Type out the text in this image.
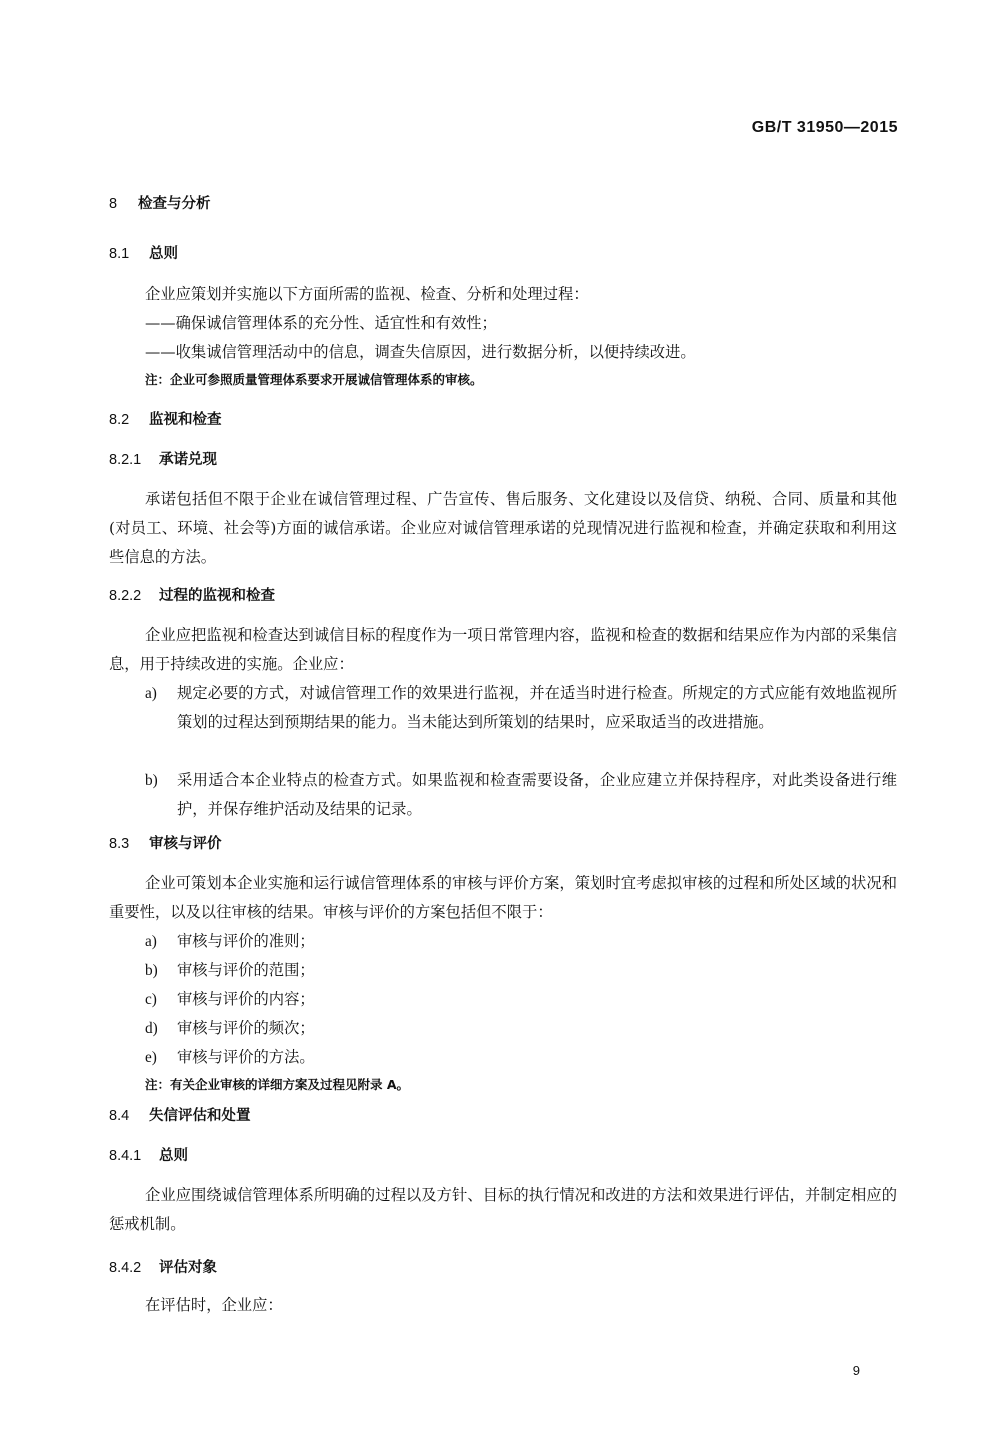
GB/T 31950—2015
8 检查与分析
8.1 总则
企业应策划并实施以下方面所需的监视、检查、分析和处理过程：
——确保诚信管理体系的充分性、适宜性和有效性；
——收集诚信管理活动中的信息，调查失信原因，进行数据分析，以便持续改进。
注：企业可参照质量管理体系要求开展诚信管理体系的审核。
8.2 监视和检查
8.2.1 承诺兑现
承诺包括但不限于企业在诚信管理过程、广告宣传、售后服务、文化建设以及信贷、纳税、合同、质量和其他(对员工、环境、社会等)方面的诚信承诺。企业应对诚信管理承诺的兑现情况进行监视和检查，并确定获取和利用这些信息的方法。
8.2.2 过程的监视和检查
企业应把监视和检查达到诚信目标的程度作为一项日常管理内容，监视和检查的数据和结果应作为内部的采集信息，用于持续改进的实施。企业应：
a) 规定必要的方式，对诚信管理工作的效果进行监视，并在适当时进行检查。所规定的方式应能有效地监视所策划的过程达到预期结果的能力。当未能达到所策划的结果时，应采取适当的改进措施。
b) 采用适合本企业特点的检查方式。如果监视和检查需要设备，企业应建立并保持程序，对此类设备进行维护，并保存维护活动及结果的记录。
8.3 审核与评价
企业可策划本企业实施和运行诚信管理体系的审核与评价方案，策划时宜考虑拟审核的过程和所处区域的状况和重要性，以及以往审核的结果。审核与评价的方案包括但不限于：
a) 审核与评价的准则；
b) 审核与评价的范围；
c) 审核与评价的内容；
d) 审核与评价的频次；
e) 审核与评价的方法。
注：有关企业审核的详细方案及过程见附录 A。
8.4 失信评估和处置
8.4.1 总则
企业应围绕诚信管理体系所明确的过程以及方针、目标的执行情况和改进的方法和效果进行评估，并制定相应的惩戒机制。
8.4.2 评估对象
在评估时，企业应：
9
